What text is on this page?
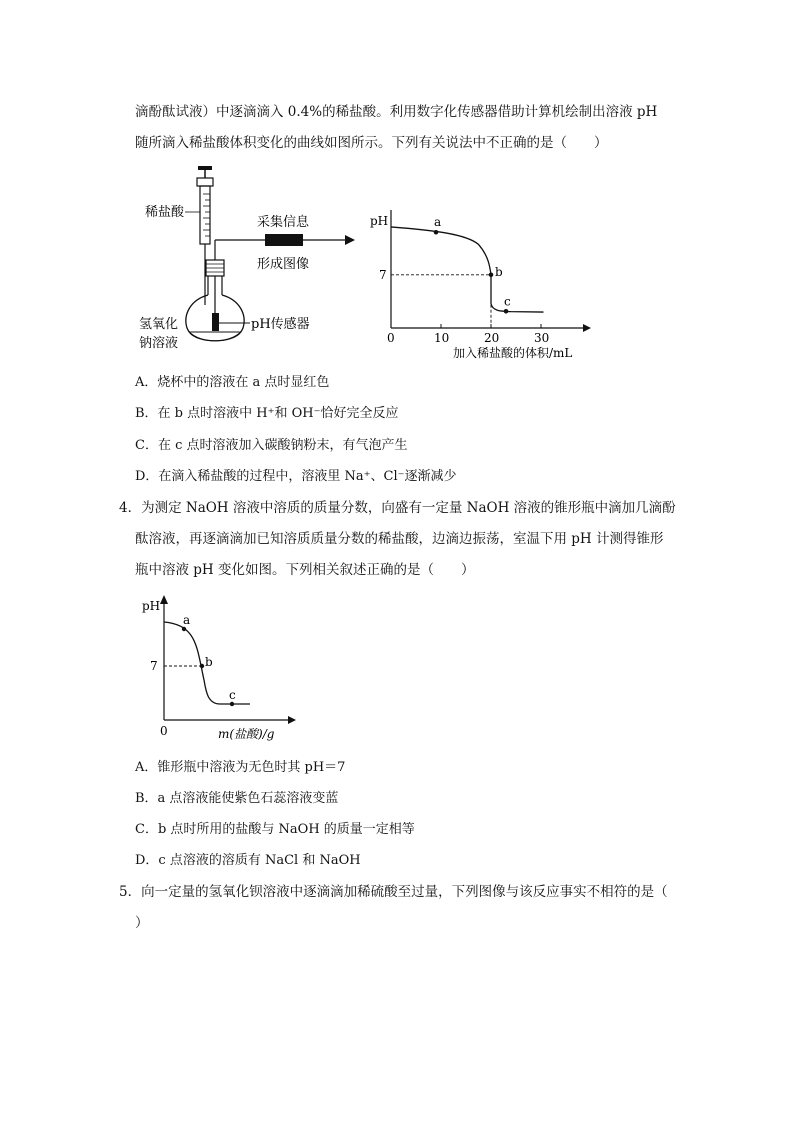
滴酚酞试液）中逐滴滴入 0.4%的稀盐酸。利用数字化传感器借助计算机绘制出溶液 pH
随所滴入稀盐酸体积变化的曲线如图所示。下列有关说法中不正确的是（　　）
稀盐酸
采集信息
形成图像
氢氧化
钠溶液
pH传感器
pH
0	10	20	30
7
a
b
c
加入稀盐酸的体积/mL
A．烧杯中的溶液在 a 点时显红色
B．在 b 点时溶液中 H⁺和 OH⁻恰好完全反应
C．在 c 点时溶液加入碳酸钠粉末，有气泡产生
D．在滴入稀盐酸的过程中，溶液里 Na⁺、Cl⁻逐渐减少
4．为测定 NaOH 溶液中溶质的质量分数，向盛有一定量 NaOH 溶液的锥形瓶中滴加几滴酚
酞溶液，再逐滴滴加已知溶质质量分数的稀盐酸，边滴边振荡，室温下用 pH 计测得锥形
瓶中溶液 pH 变化如图。下列相关叙述正确的是（　　）
pH
7
a
b
c
0	m(盐酸)/g
A．锥形瓶中溶液为无色时其 pH＝7
B．a 点溶液能使紫色石蕊溶液变蓝
C．b 点时所用的盐酸与 NaOH 的质量一定相等
D．c 点溶液的溶质有 NaCl 和 NaOH
5．向一定量的氢氧化钡溶液中逐滴滴加稀硫酸至过量，下列图像与该反应事实不相符的是（
）
